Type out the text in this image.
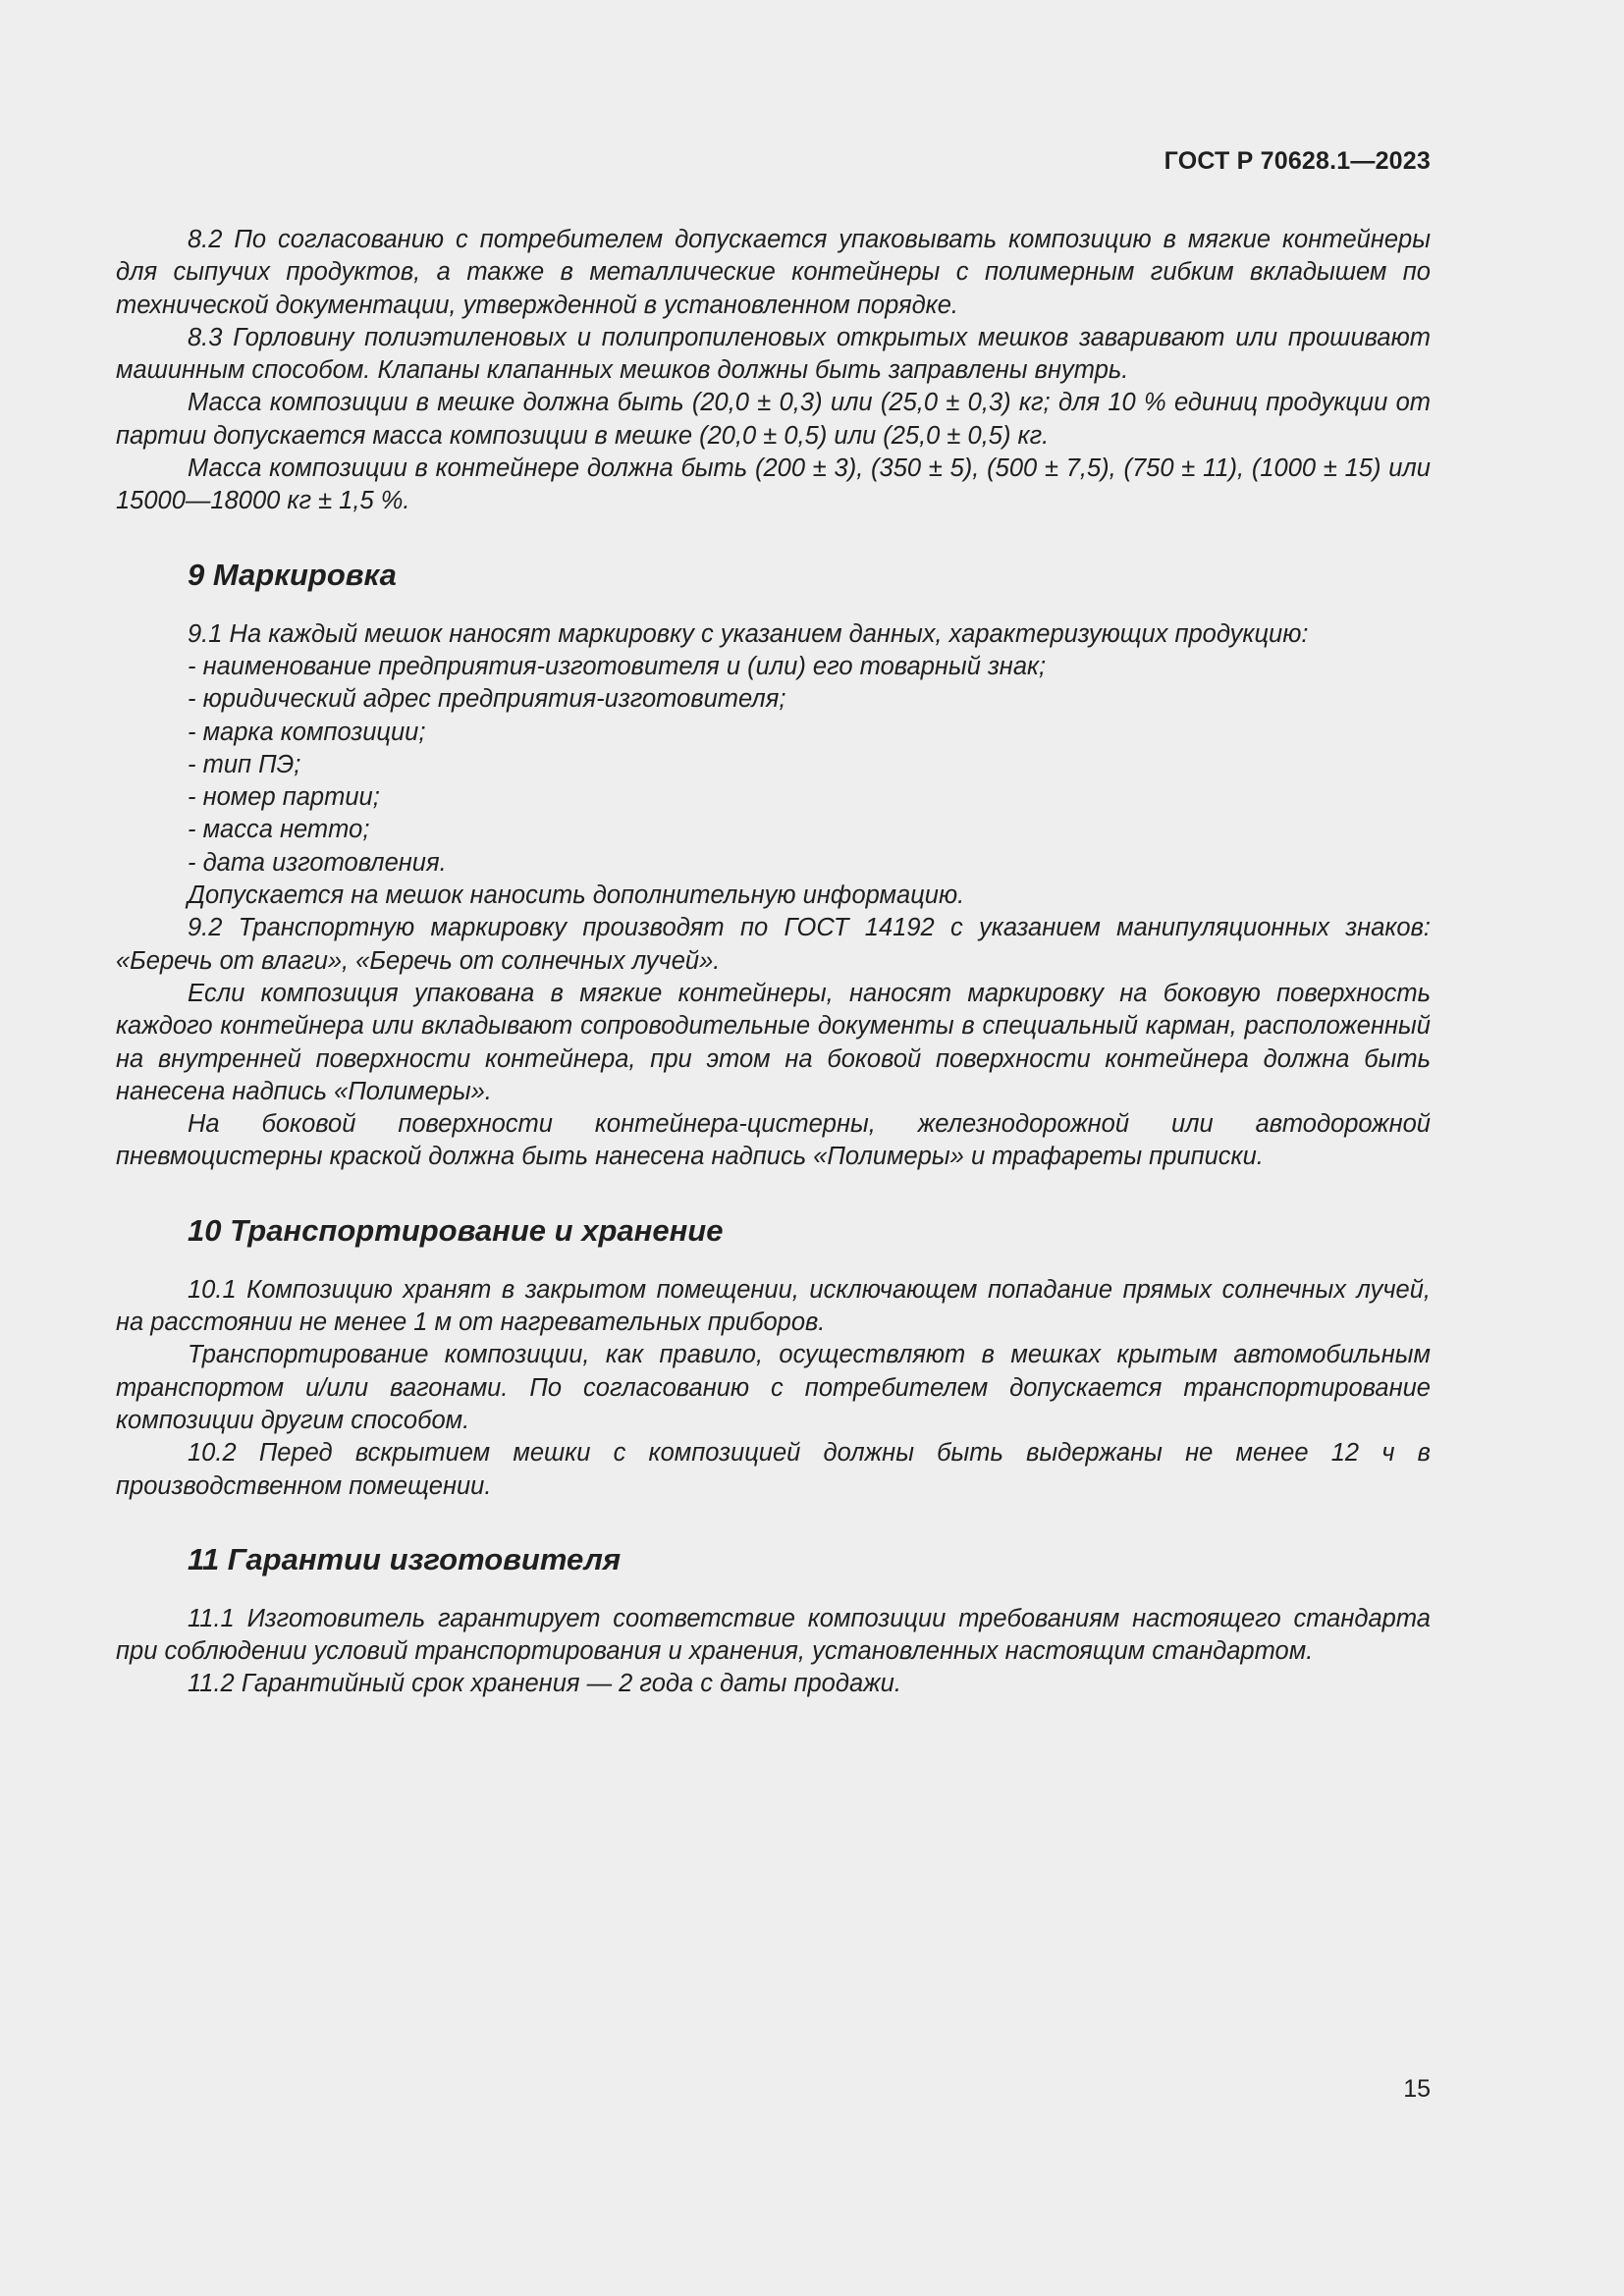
ГОСТ Р 70628.1—2023

8.2 По согласованию с потребителем допускается упаковывать композицию в мягкие контейнеры для сыпучих продуктов, а также в металлические контейнеры с полимерным гибким вкладышем по технической документации, утвержденной в установленном порядке.

8.3 Горловину полиэтиленовых и полипропиленовых открытых мешков заваривают или прошивают машинным способом. Клапаны клапанных мешков должны быть заправлены внутрь.

Масса композиции в мешке должна быть (20,0 ± 0,3) или (25,0 ± 0,3) кг; для 10 % единиц продукции от партии допускается масса композиции в мешке (20,0 ± 0,5) или (25,0 ± 0,5) кг.

Масса композиции в контейнере должна быть (200 ± 3), (350 ± 5), (500 ± 7,5), (750 ± 11), (1000 ± 15) или 15000—18000 кг ± 1,5 %.

9 Маркировка

9.1 На каждый мешок наносят маркировку с указанием данных, характеризующих продукцию:

- наименование предприятия-изготовителя и (или) его товарный знак;

- юридический адрес предприятия-изготовителя;

- марка композиции;

- тип ПЭ;

- номер партии;

- масса нетто;

- дата изготовления.

Допускается на мешок наносить дополнительную информацию.

9.2 Транспортную маркировку производят по ГОСТ 14192 с указанием манипуляционных знаков: «Беречь от влаги», «Беречь от солнечных лучей».

Если композиция упакована в мягкие контейнеры, наносят маркировку на боковую поверхность каждого контейнера или вкладывают сопроводительные документы в специальный карман, расположенный на внутренней поверхности контейнера, при этом на боковой поверхности контейнера должна быть нанесена надпись «Полимеры».

На боковой поверхности контейнера-цистерны, железнодорожной или автодорожной пневмоцистерны краской должна быть нанесена надпись «Полимеры» и трафареты приписки.

10 Транспортирование и хранение

10.1 Композицию хранят в закрытом помещении, исключающем попадание прямых солнечных лучей, на расстоянии не менее 1 м от нагревательных приборов.

Транспортирование композиции, как правило, осуществляют в мешках крытым автомобильным транспортом и/или вагонами. По согласованию с потребителем допускается транспортирование композиции другим способом.

10.2 Перед вскрытием мешки с композицией должны быть выдержаны не менее 12 ч в производственном помещении.

11 Гарантии изготовителя

11.1 Изготовитель гарантирует соответствие композиции требованиям настоящего стандарта при соблюдении условий транспортирования и хранения, установленных настоящим стандартом.

11.2 Гарантийный срок хранения — 2 года с даты продажи.

15
